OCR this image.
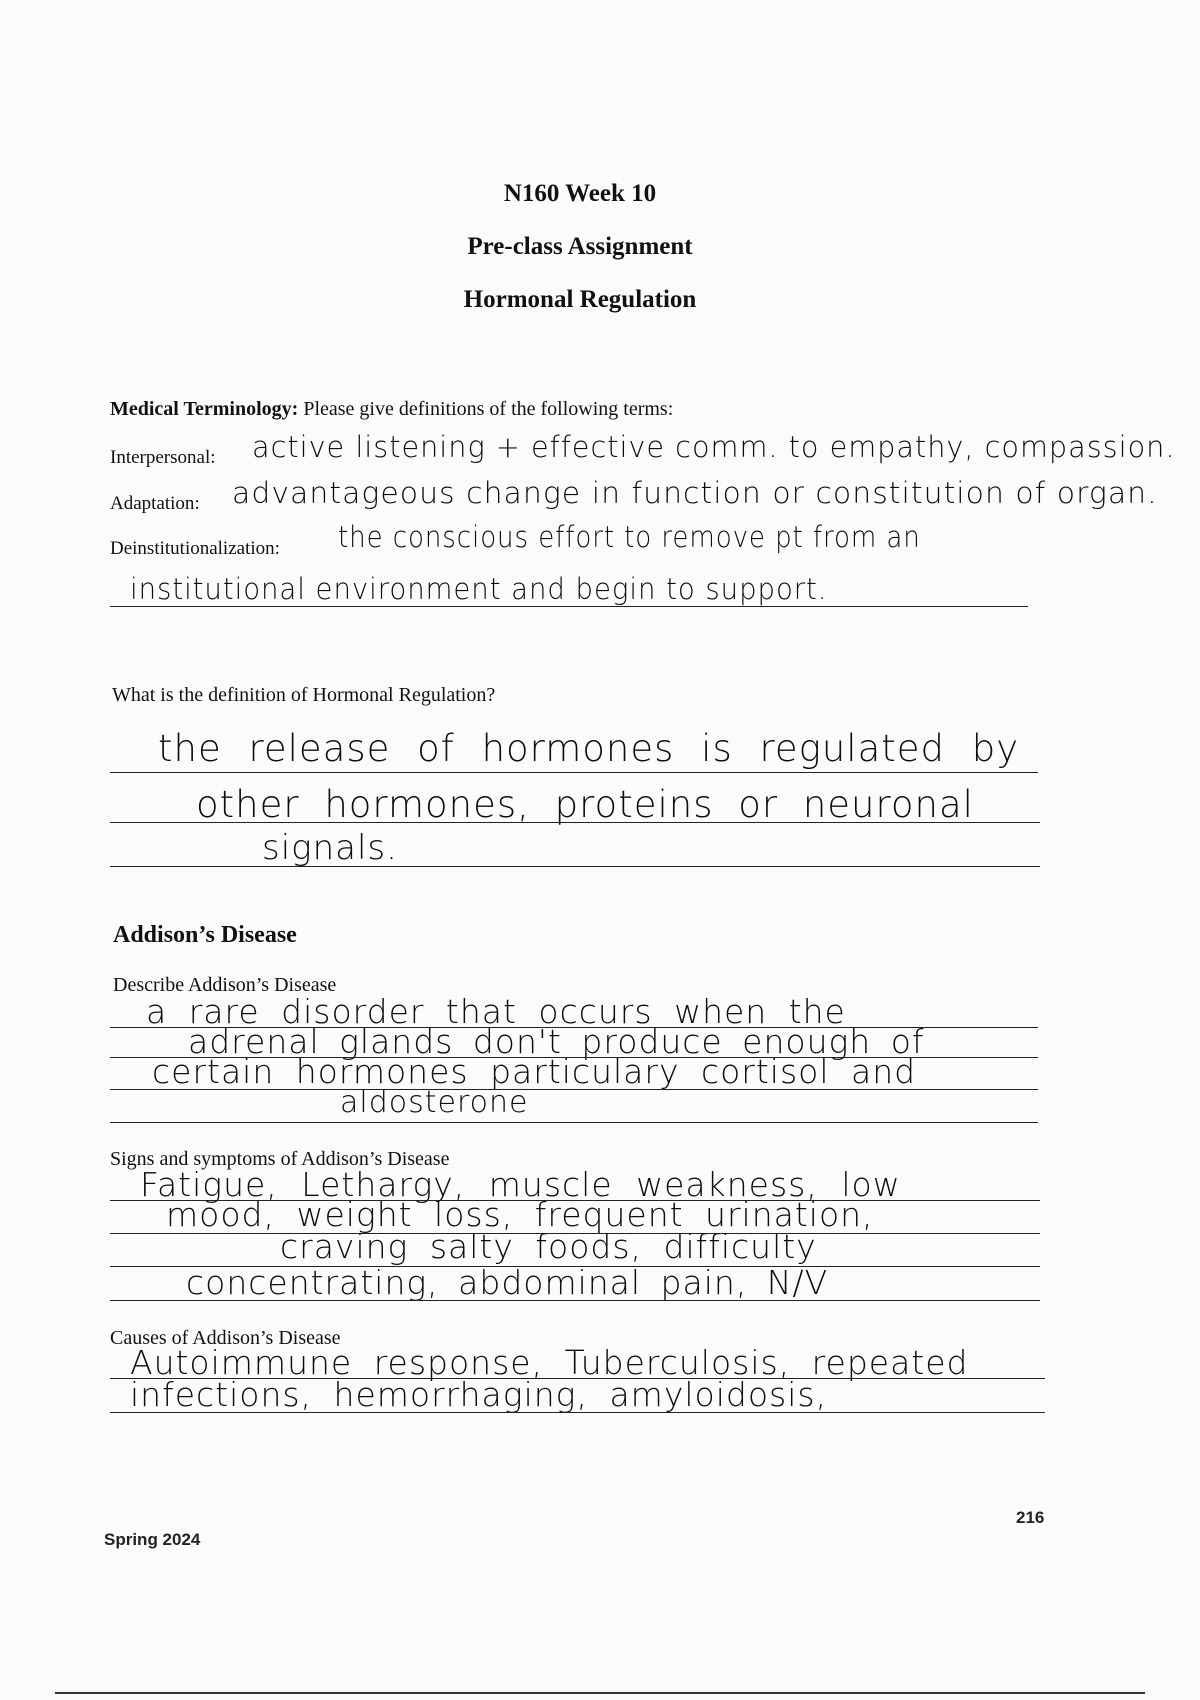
N160 Week 10
Pre-class Assignment
Hormonal Regulation
Medical Terminology: Please give definitions of the following terms:
Interpersonal: active listening + effective comm. to empathy, compassion.
Adaptation: advantageous change in function or constitution of organ.
Deinstitutionalization: the conscious effort to remove pt from an
institutional environment and begin to support.
What is the definition of Hormonal Regulation?
the release of hormones is regulated by
other hormones, proteins or neuronal
signals.
Addison’s Disease
Describe Addison’s Disease
a rare disorder that occurs when the
adrenal glands don't produce enough of
certain hormones particulary cortisol and
aldosterone
Signs and symptoms of Addison’s Disease
Fatigue, Lethargy, muscle weakness, low
mood, weight loss, frequent urination,
craving salty foods, difficulty
concentrating, abdominal pain, N/V
Causes of Addison’s Disease
Autoimmune response, Tuberculosis, repeated
infections, hemorrhaging, amyloidosis,
216
Spring 2024
